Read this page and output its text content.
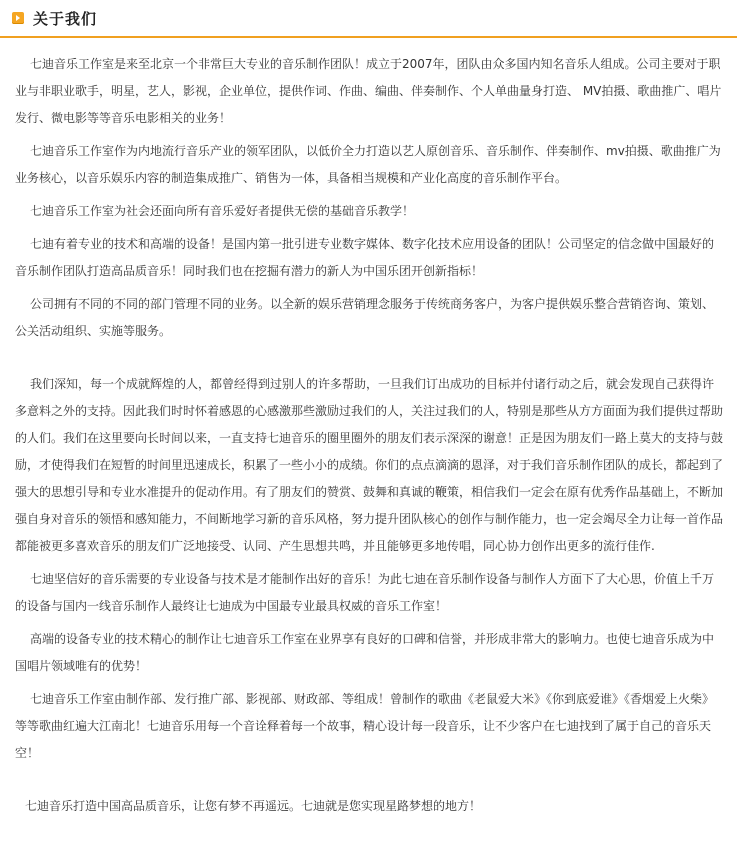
关于我们

七迪音乐工作室是来至北京一个非常巨大专业的音乐制作团队！成立于2007年，团队由众多国内知名音乐人组成。公司主要对于职业与非职业歌手，明星，艺人，影视，企业单位，提供作词、作曲、编曲、伴奏制作、个人单曲量身打造、 MV拍摄、歌曲推广、唱片发行、微电影等等音乐电影相关的业务！

七迪音乐工作室作为内地流行音乐产业的领军团队，以低价全力打造以艺人原创音乐、音乐制作、伴奏制作、mv拍摄、歌曲推广为业务核心，以音乐娱乐内容的制造集成推广、销售为一体，具备相当规模和产业化高度的音乐制作平台。

七迪音乐工作室为社会还面向所有音乐爱好者提供无偿的基础音乐教学！

七迪有着专业的技术和高端的设备！是国内第一批引进专业数字媒体、数字化技术应用设备的团队！公司坚定的信念做中国最好的音乐制作团队打造高品质音乐！同时我们也在挖掘有潜力的新人为中国乐团开创新指标！

公司拥有不同的不同的部门管理不同的业务。以全新的娱乐营销理念服务于传统商务客户，为客户提供娱乐整合营销咨询、策划、公关活动组织、实施等服务。

我们深知，每一个成就辉煌的人，都曾经得到过别人的许多帮助，一旦我们订出成功的目标并付诸行动之后，就会发现自己获得许多意料之外的支持。因此我们时时怀着感恩的心感激那些激励过我们的人，关注过我们的人，特别是那些从方方面面为我们提供过帮助的人们。我们在这里要向长时间以来，一直支持七迪音乐的圈里圈外的朋友们表示深深的谢意！正是因为朋友们一路上莫大的支持与鼓励，才使得我们在短暂的时间里迅速成长，积累了一些小小的成绩。你们的点点滴滴的恩泽，对于我们音乐制作团队的成长，都起到了强大的思想引导和专业水准提升的促动作用。有了朋友们的赞赏、鼓舞和真诚的鞭策，相信我们一定会在原有优秀作品基础上，不断加强自身对音乐的领悟和感知能力，不间断地学习新的音乐风格，努力提升团队核心的创作与制作能力，也一定会竭尽全力让每一首作品都能被更多喜欢音乐的朋友们广泛地接受、认同、产生思想共鸣，并且能够更多地传唱，同心协力创作出更多的流行佳作.

七迪坚信好的音乐需要的专业设备与技术是才能制作出好的音乐！为此七迪在音乐制作设备与制作人方面下了大心思，价值上千万的设备与国内一线音乐制作人最终让七迪成为中国最专业最具权威的音乐工作室！

高端的设备专业的技术精心的制作让七迪音乐工作室在业界享有良好的口碑和信誉，并形成非常大的影响力。也使七迪音乐成为中国唱片领域唯有的优势！

七迪音乐工作室由制作部、发行推广部、影视部、财政部、等组成！曾制作的歌曲《老鼠爱大米》《你到底爱谁》《香烟爱上火柴》等等歌曲红遍大江南北！七迪音乐用每一个音诠释着每一个故事，精心设计每一段音乐，让不少客户在七迪找到了属于自己的音乐天空！

七迪音乐打造中国高品质音乐，让您有梦不再遥远。七迪就是您实现星路梦想的地方！
